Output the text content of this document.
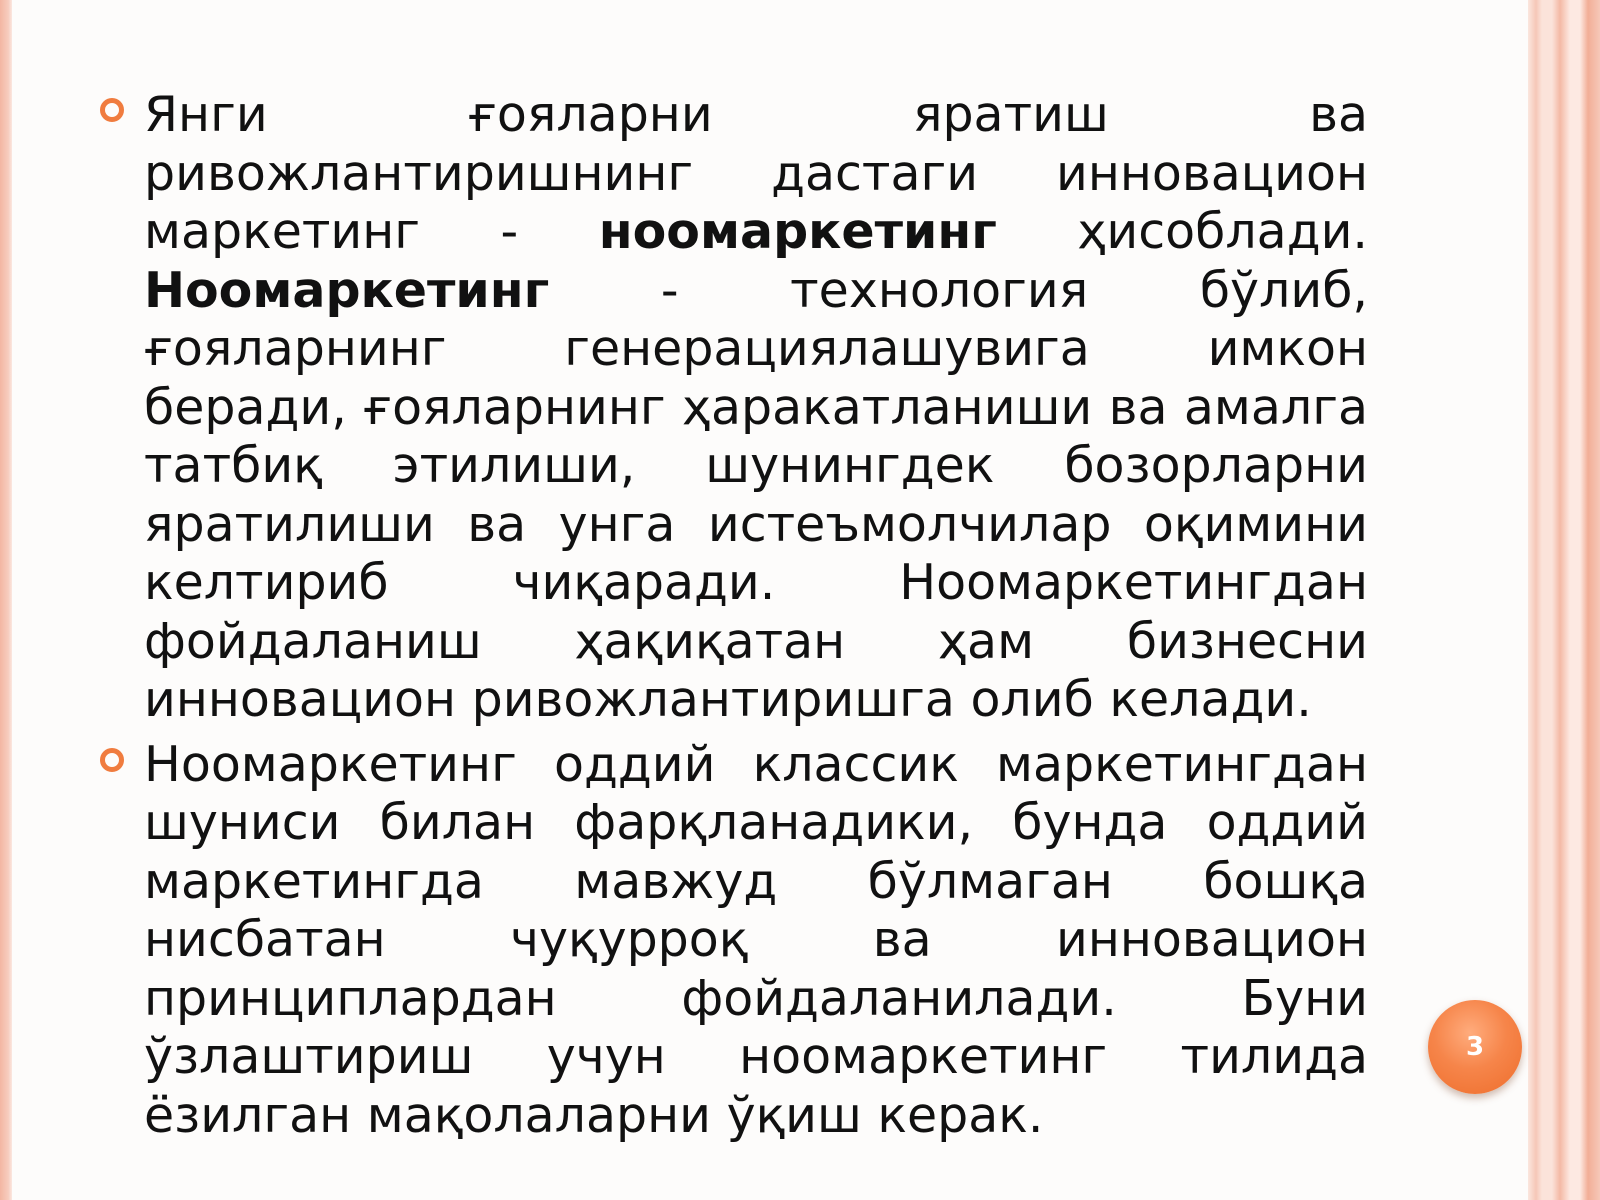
Янги ғояларни яратиш ва ривожлантиришнинг дастаги инновацион маркетинг - ноомаркетинг ҳисоблади. Ноомаркетинг - технология бўлиб, ғояларнинг генерациялашувига имкон беради, ғояларнинг ҳаракатланиши ва амалга татбиқ этилиши, шунингдек бозорларни яратилиши ва унга истеъмолчилар оқимини келтириб чиқаради. Ноомаркетингдан фойдаланиш ҳақиқатан ҳам бизнесни инновацион ривожлантиришга олиб келади.

Ноомаркетинг оддий классик маркетингдан шуниси билан фарқланадики, бунда оддий маркетингда мавжуд бўлмаган бошқа нисбатан чуқурроқ ва инновацион принциплардан фойдаланилади. Буни ўзлаштириш учун ноомаркетинг тилида ёзилган мақолаларни ўқиш керак.

3
